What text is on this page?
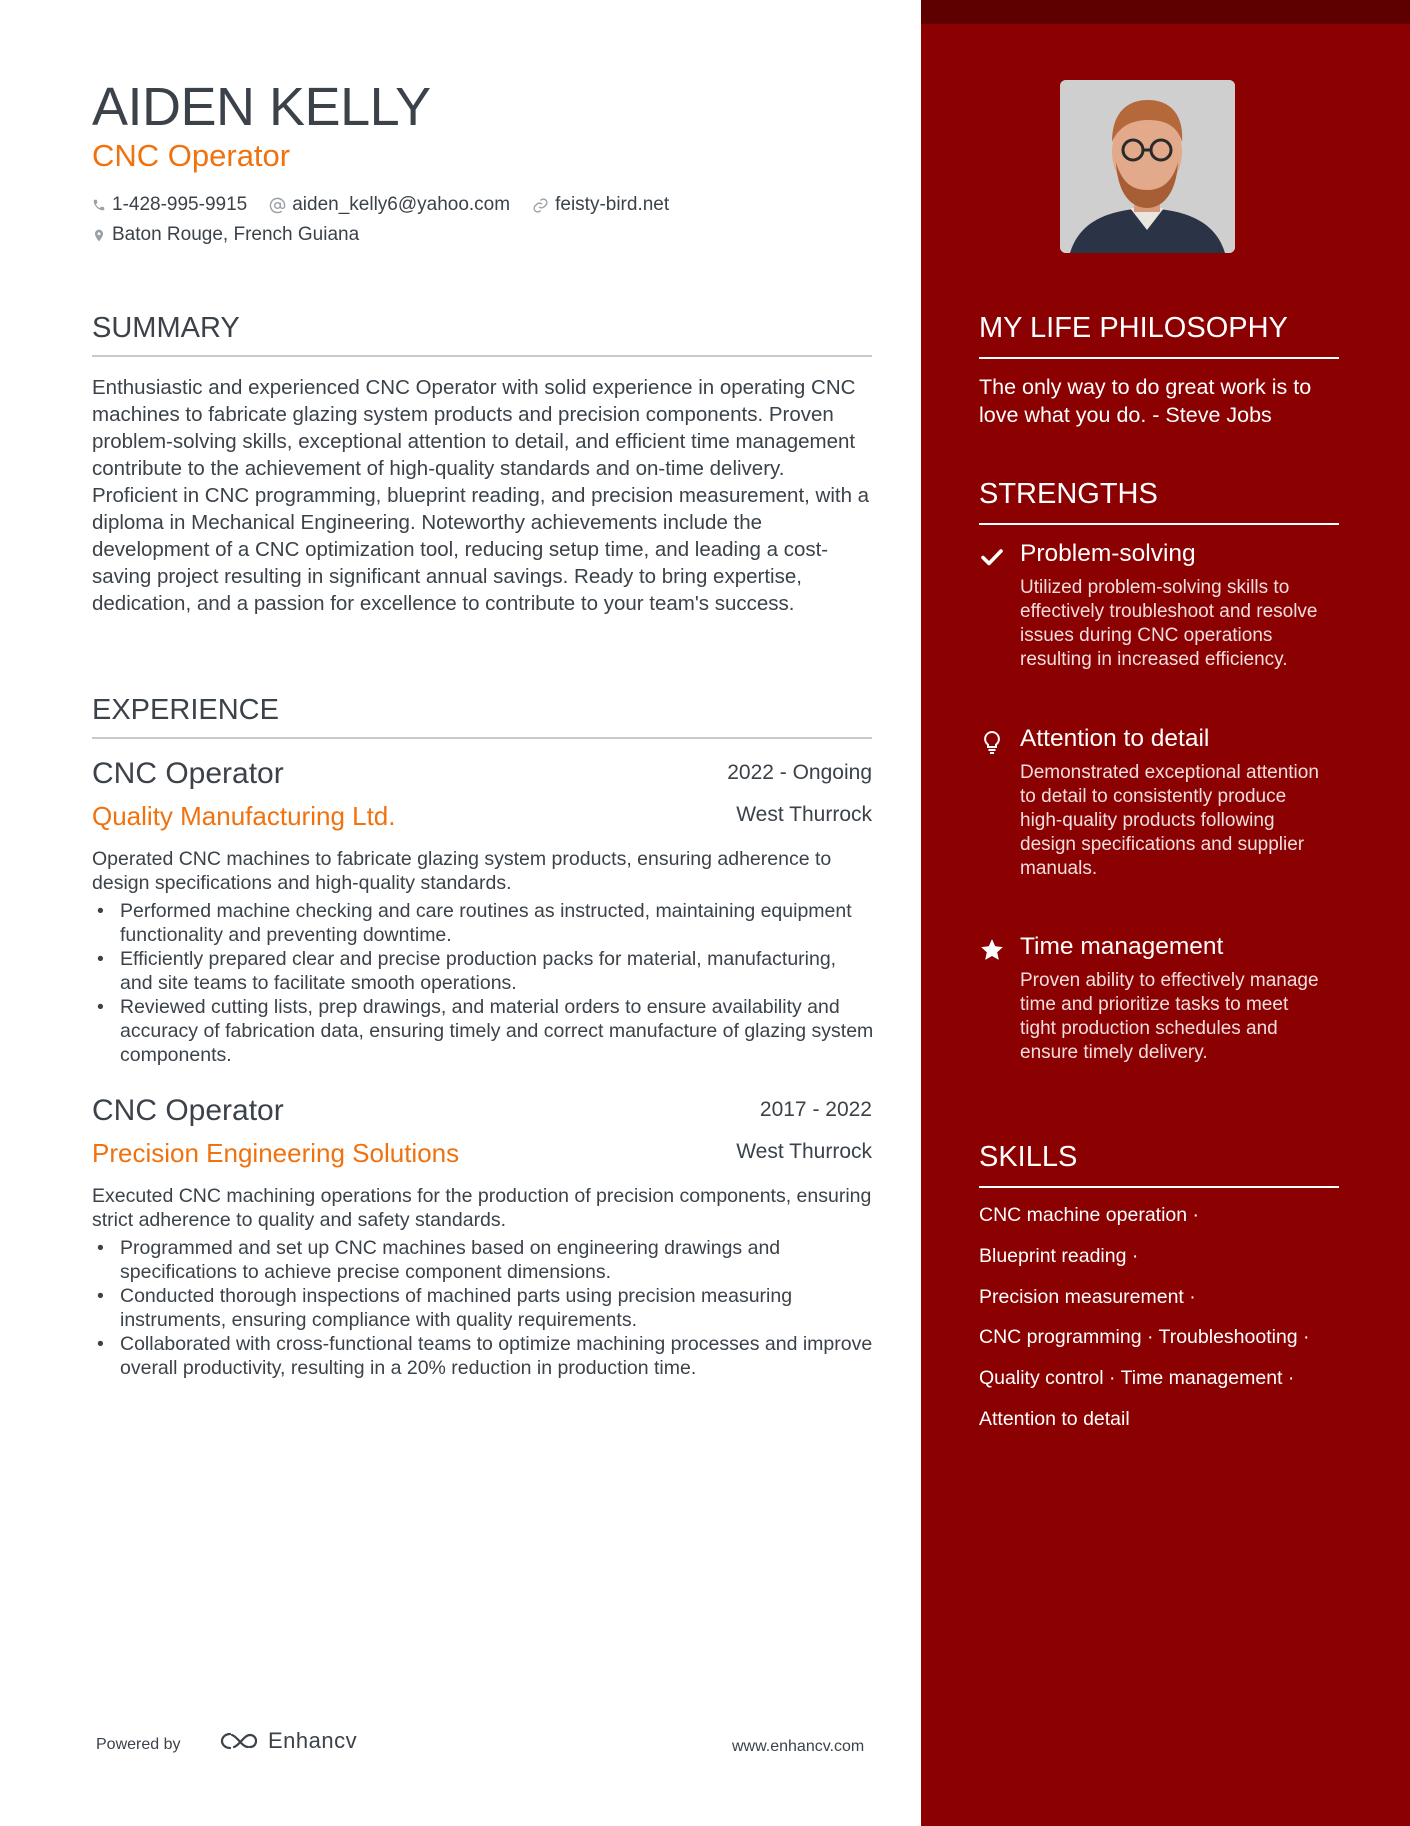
AIDEN KELLY
CNC Operator
1-428-995-9915 aiden_kelly6@yahoo.com feisty-bird.net
Baton Rouge, French Guiana
SUMMARY
Enthusiastic and experienced CNC Operator with solid experience in operating CNC machines to fabricate glazing system products and precision components. Proven problem-solving skills, exceptional attention to detail, and efficient time management contribute to the achievement of high-quality standards and on-time delivery. Proficient in CNC programming, blueprint reading, and precision measurement, with a diploma in Mechanical Engineering. Noteworthy achievements include the development of a CNC optimization tool, reducing setup time, and leading a cost-saving project resulting in significant annual savings. Ready to bring expertise, dedication, and a passion for excellence to contribute to your team's success.
EXPERIENCE
CNC Operator	2022 - Ongoing
Quality Manufacturing Ltd.	West Thurrock
Operated CNC machines to fabricate glazing system products, ensuring adherence to design specifications and high-quality standards.
• Performed machine checking and care routines as instructed, maintaining equipment functionality and preventing downtime.
• Efficiently prepared clear and precise production packs for material, manufacturing, and site teams to facilitate smooth operations.
• Reviewed cutting lists, prep drawings, and material orders to ensure availability and accuracy of fabrication data, ensuring timely and correct manufacture of glazing system components.
CNC Operator	2017 - 2022
Precision Engineering Solutions	West Thurrock
Executed CNC machining operations for the production of precision components, ensuring strict adherence to quality and safety standards.
• Programmed and set up CNC machines based on engineering drawings and specifications to achieve precise component dimensions.
• Conducted thorough inspections of machined parts using precision measuring instruments, ensuring compliance with quality requirements.
• Collaborated with cross-functional teams to optimize machining processes and improve overall productivity, resulting in a 20% reduction in production time.
Powered by	Enhancv	www.enhancv.com
MY LIFE PHILOSOPHY
The only way to do great work is to love what you do. - Steve Jobs
STRENGTHS
Problem-solving
Utilized problem-solving skills to effectively troubleshoot and resolve issues during CNC operations resulting in increased efficiency.
Attention to detail
Demonstrated exceptional attention to detail to consistently produce high-quality products following design specifications and supplier manuals.
Time management
Proven ability to effectively manage time and prioritize tasks to meet tight production schedules and ensure timely delivery.
SKILLS
CNC machine operation ·
Blueprint reading ·
Precision measurement ·
CNC programming · Troubleshooting ·
Quality control · Time management ·
Attention to detail
